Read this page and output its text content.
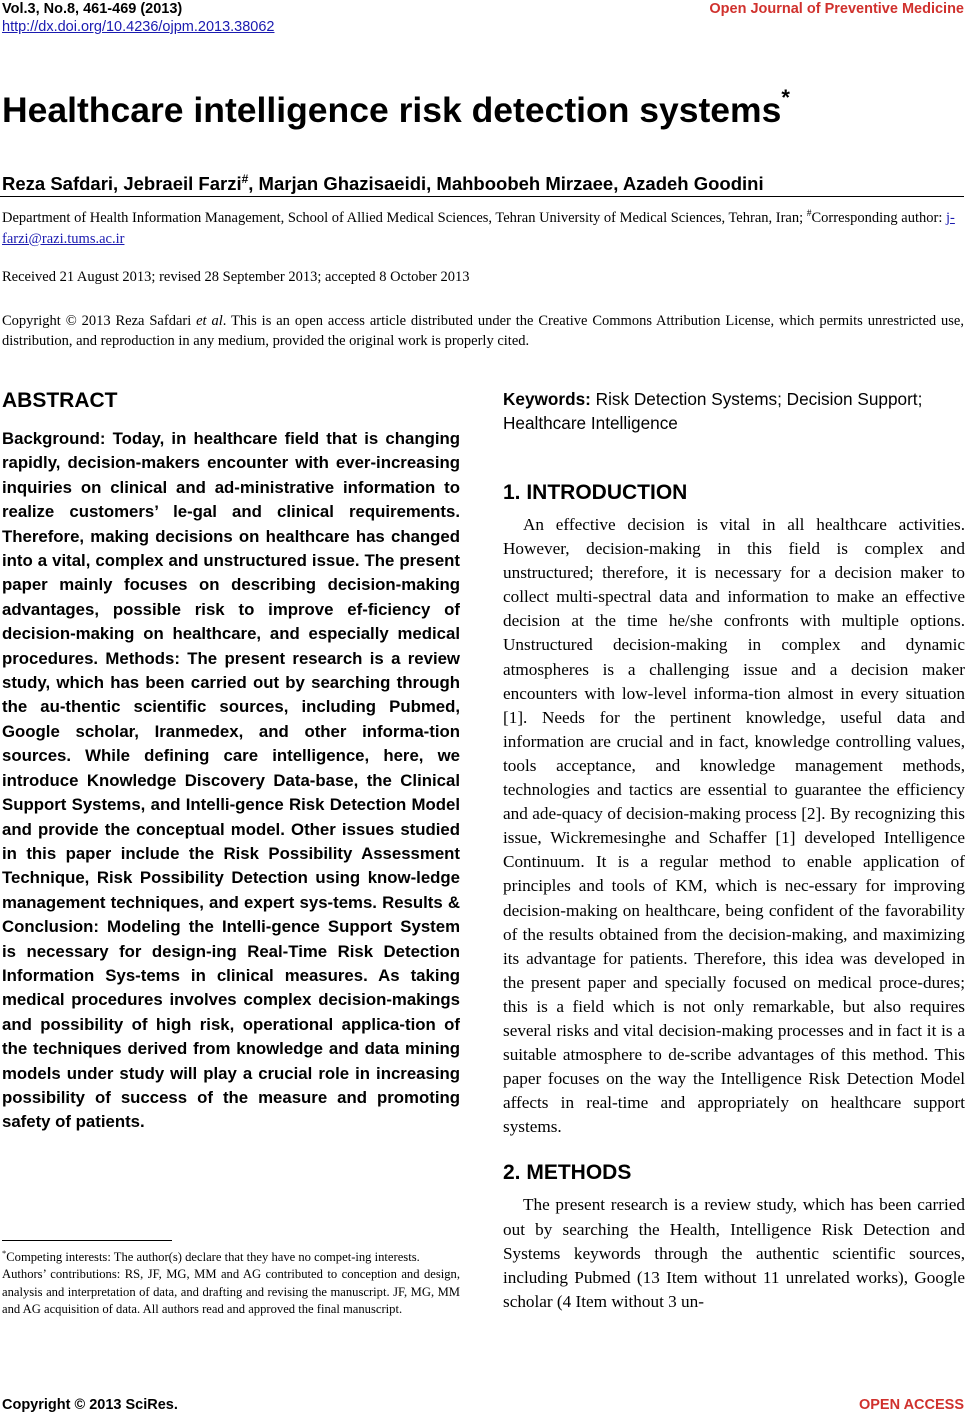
Vol.3, No.8, 461-469 (2013)
http://dx.doi.org/10.4236/ojpm.2013.38062
Open Journal of Preventive Medicine
Healthcare intelligence risk detection systems*
Reza Safdari, Jebraeil Farzi#, Marjan Ghazisaeidi, Mahboobeh Mirzaee, Azadeh Goodini
Department of Health Information Management, School of Allied Medical Sciences, Tehran University of Medical Sciences, Tehran, Iran; #Corresponding author: j-farzi@razi.tums.ac.ir
Received 21 August 2013; revised 28 September 2013; accepted 8 October 2013
Copyright © 2013 Reza Safdari et al. This is an open access article distributed under the Creative Commons Attribution License, which permits unrestricted use, distribution, and reproduction in any medium, provided the original work is properly cited.
ABSTRACT

Background: Today, in healthcare field that is changing rapidly, decision-makers encounter with ever-increasing inquiries on clinical and ad-ministrative information to realize customers’ le-gal and clinical requirements. Therefore, making decisions on healthcare has changed into a vital, complex and unstructured issue. The present paper mainly focuses on describing decision-making advantages, possible risk to improve ef-ficiency of decision-making on healthcare, and especially medical procedures. Methods: The present research is a review study, which has been carried out by searching through the au-thentic scientific sources, including Pubmed, Google scholar, Iranmedex, and other informa-tion sources. While defining care intelligence, here, we introduce Knowledge Discovery Data-base, the Clinical Support Systems, and Intelli-gence Risk Detection Model and provide the conceptual model. Other issues studied in this paper include the Risk Possibility Assessment Technique, Risk Possibility Detection using know-ledge management techniques, and expert sys-tems. Results & Conclusion: Modeling the Intelli-gence Support System is necessary for design-ing Real-Time Risk Detection Information Sys-tems in clinical measures. As taking medical procedures involves complex decision-makings and possibility of high risk, operational applica-tion of the techniques derived from knowledge and data mining models under study will play a crucial role in increasing possibility of success of the measure and promoting safety of patients.

*Competing interests: The author(s) declare that they have no compet-ing interests.

Authors’ contributions: RS, JF, MG, MM and AG contributed to conception and design, analysis and interpretation of data, and drafting and revising the manuscript. JF, MG, MM and AG acquisition of data. All authors read and approved the final manuscript.

Keywords: Risk Detection Systems; Decision Support; Healthcare Intelligence

1. INTRODUCTION

An effective decision is vital in all healthcare activities. However, decision-making in this field is complex and unstructured; therefore, it is necessary for a decision maker to collect multi-spectral data and information to make an effective decision at the time he/she confronts with multiple options. Unstructured decision-making in complex and dynamic atmospheres is a challenging issue and a decision maker encounters with low-level informa-tion almost in every situation [1]. Needs for the pertinent knowledge, useful data and information are crucial and in fact, knowledge controlling values, tools acceptance, and knowledge management methods, technologies and tactics are essential to guarantee the efficiency and ade-quacy of decision-making process [2]. By recognizing this issue, Wickremesinghe and Schaffer [1] developed Intelligence Continuum. It is a regular method to enable application of principles and tools of KM, which is nec-essary for improving decision-making on healthcare, being confident of the favorability of the results obtained from the decision-making, and maximizing its advantage for patients. Therefore, this idea was developed in the present paper and specially focused on medical proce-dures; this is a field which is not only remarkable, but also requires several risks and vital decision-making processes and in fact it is a suitable atmosphere to de-scribe advantages of this method. This paper focuses on the way the Intelligence Risk Detection Model affects in real-time and appropriately on healthcare support systems.

2. METHODS

The present research is a review study, which has been carried out by searching the Health, Intelligence Risk Detection and Systems keywords through the authentic scientific sources, including Pubmed (13 Item without 11 unrelated works), Google scholar (4 Item without 3 un-

Copyright © 2013 SciRes.	OPEN ACCESS
